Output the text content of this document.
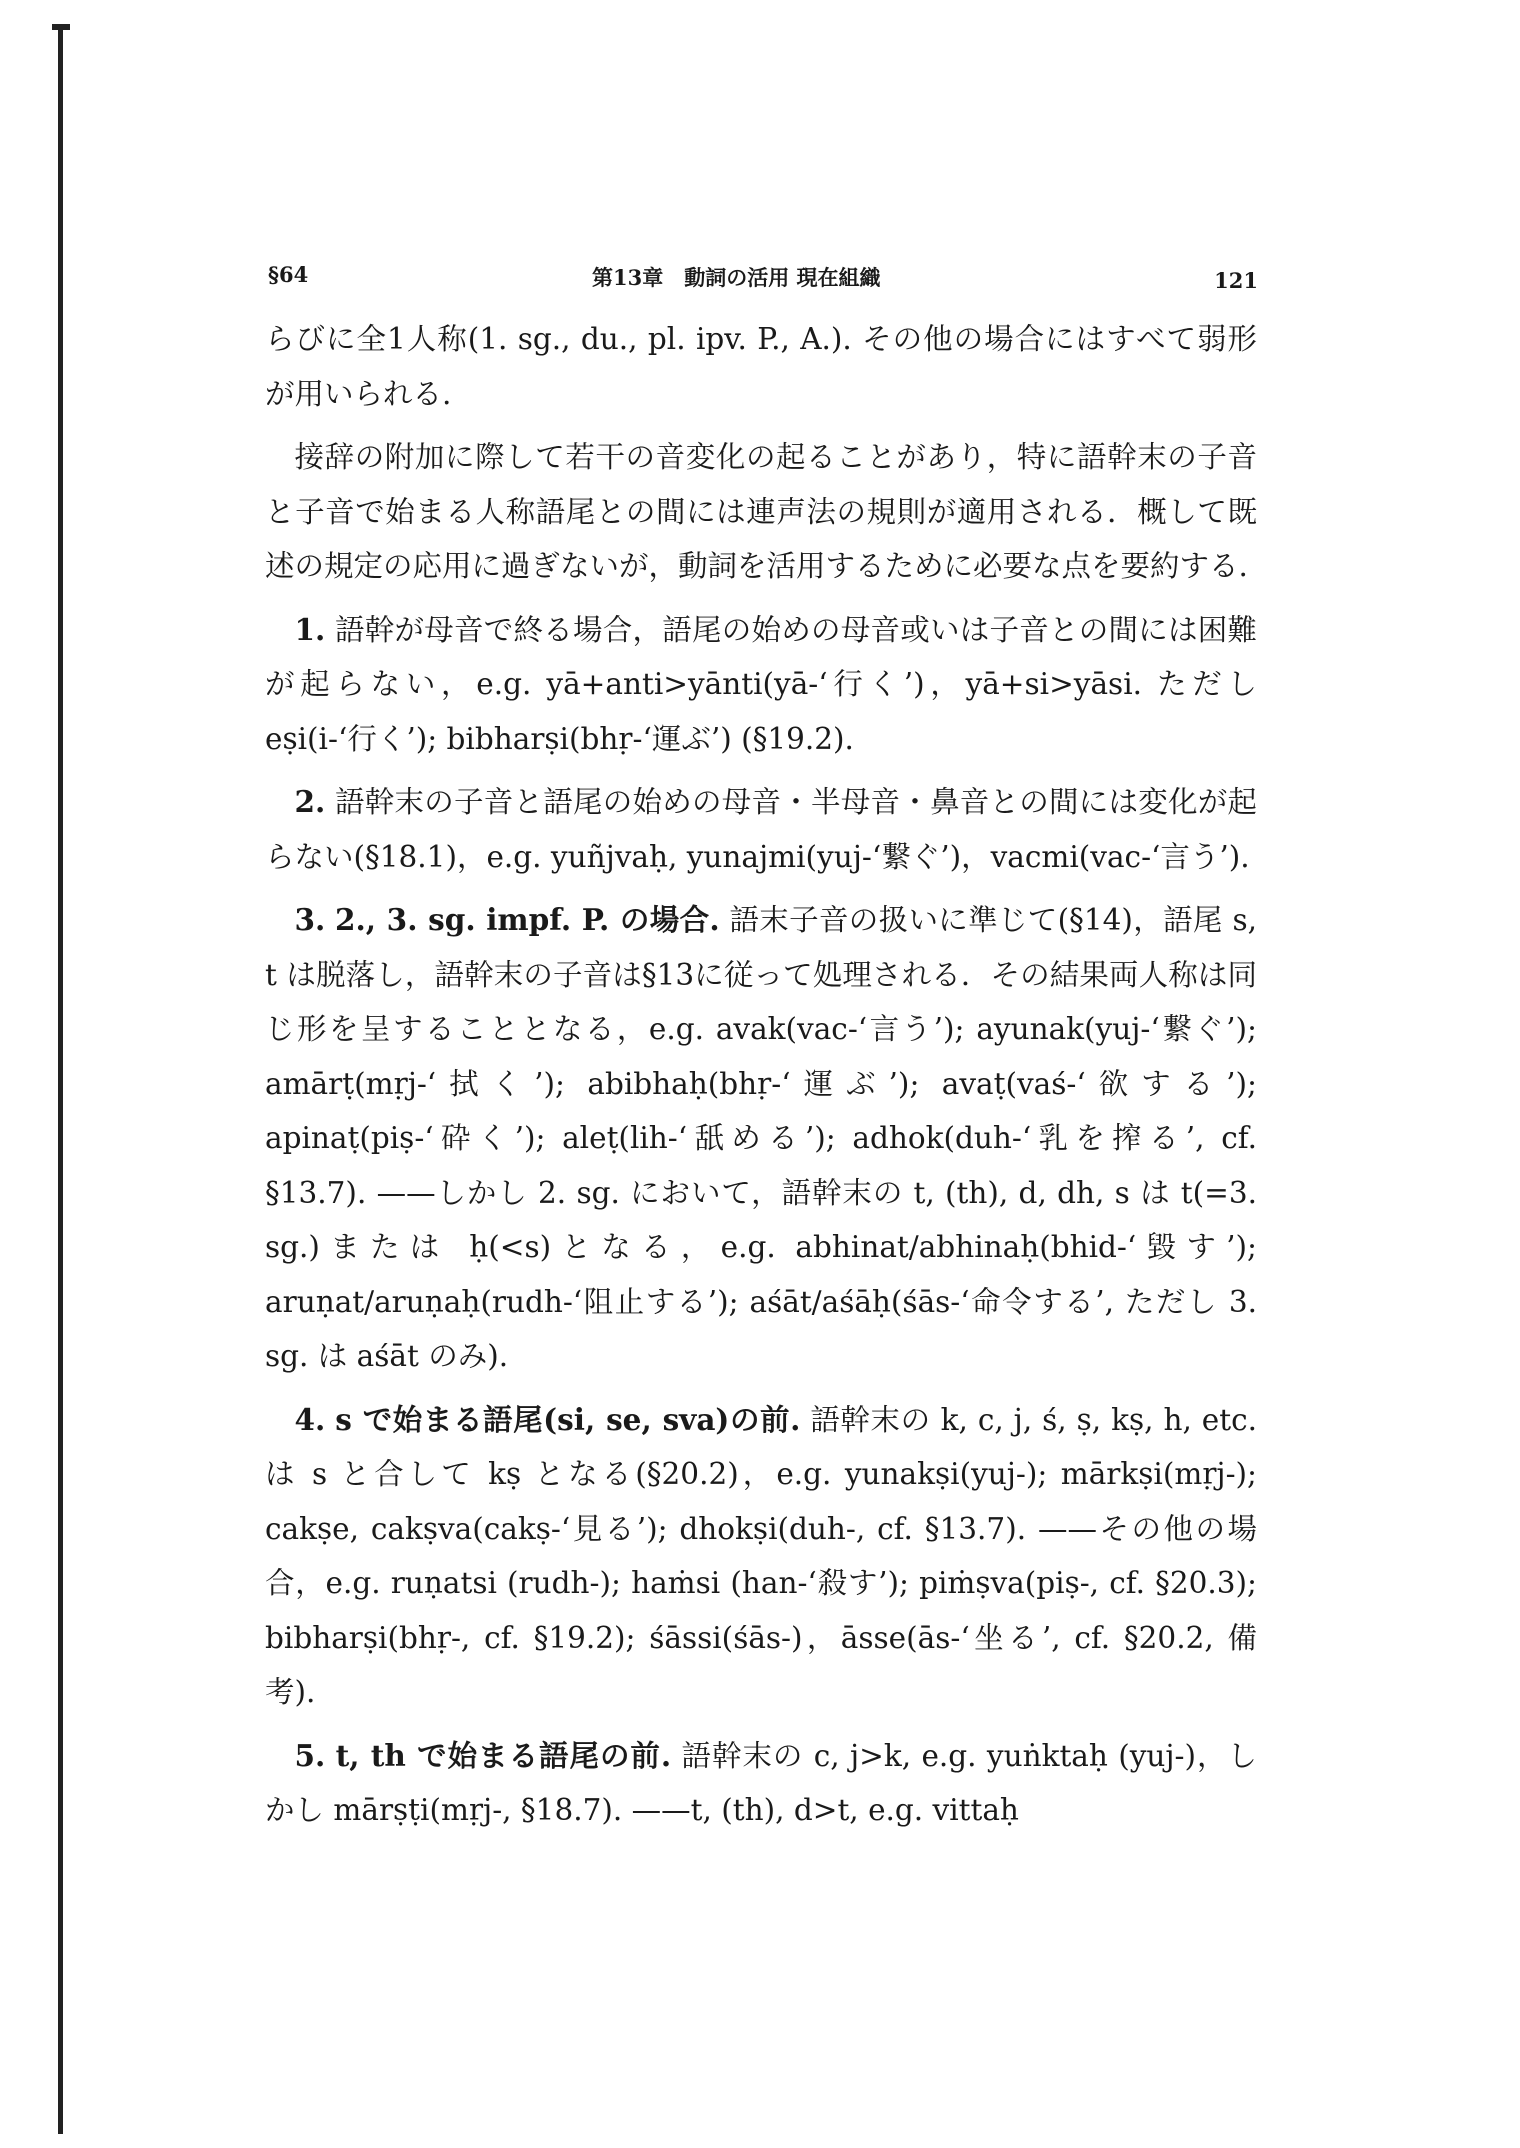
§64	第13章　動詞の活用 現在組織	121

らびに全1人称(1. sg., du., pl. ipv. P., A.). その他の場合にはすべて弱形が用いられる.

接辞の附加に際して若干の音変化の起ることがあり，特に語幹末の子音と子音で始まる人称語尾との間には連声法の規則が適用される．概して既述の規定の応用に過ぎないが，動詞を活用するために必要な点を要約する.

1. 語幹が母音で終る場合，語尾の始めの母音或いは子音との間には困難が起らない，e.g. yā+anti>yānti(yā-‘行く’)，yā+si>yāsi. ただし eṣi(i-‘行く’); bibharṣi(bhṛ-‘運ぶ’) (§19.2).

2. 語幹末の子音と語尾の始めの母音・半母音・鼻音との間には変化が起らない(§18.1)，e.g. yuñjvaḥ, yunajmi(yuj-‘繋ぐ’)，vacmi(vac-‘言う’).

3. 2., 3. sg. impf. P. の場合. 語末子音の扱いに準じて(§14)，語尾 s, t は脱落し，語幹末の子音は§13に従って処理される．その結果両人称は同じ形を呈することとなる，e.g. avak(vac-‘言う’); ayunak(yuj-‘繋ぐ’); amārṭ(mṛj-‘拭く’); abibhaḥ(bhṛ-‘運ぶ’); avaṭ(vaś-‘欲する’); apinaṭ(piṣ-‘砕く’); aleṭ(lih-‘舐める’); adhok(duh-‘乳を搾る’, cf. §13.7). ——しかし 2. sg. において，語幹末の t, (th), d, dh, s は t(=3. sg.)または ḥ(<s)となる，e.g. abhinat/abhinaḥ(bhid-‘毀す’); aruṇat/aruṇaḥ(rudh-‘阻止する’); aśāt/aśāḥ(śās-‘命令する’, ただし 3. sg. は aśāt のみ).

4. s で始まる語尾(si, se, sva)の前. 語幹末の k, c, j, ś, ṣ, kṣ, h, etc. は s と合して kṣ となる(§20.2)，e.g. yunakṣi(yuj-); mārkṣi(mṛj-); cakṣe, cakṣva(cakṣ-‘見る’); dhokṣi(duh-, cf. §13.7). ——その他の場合，e.g. ruṇatsi (rudh-); haṁsi (han-‘殺す’); piṁṣva(piṣ-, cf. §20.3); bibharṣi(bhṛ-, cf. §19.2); śāssi(śās-)，āsse(ās-‘坐る’, cf. §20.2, 備考).

5. t, th で始まる語尾の前. 語幹末の c, j>k, e.g. yuṅktaḥ (yuj-)，しかし mārṣṭi(mṛj-, §18.7). ——t, (th), d>t, e.g. vittaḥ
